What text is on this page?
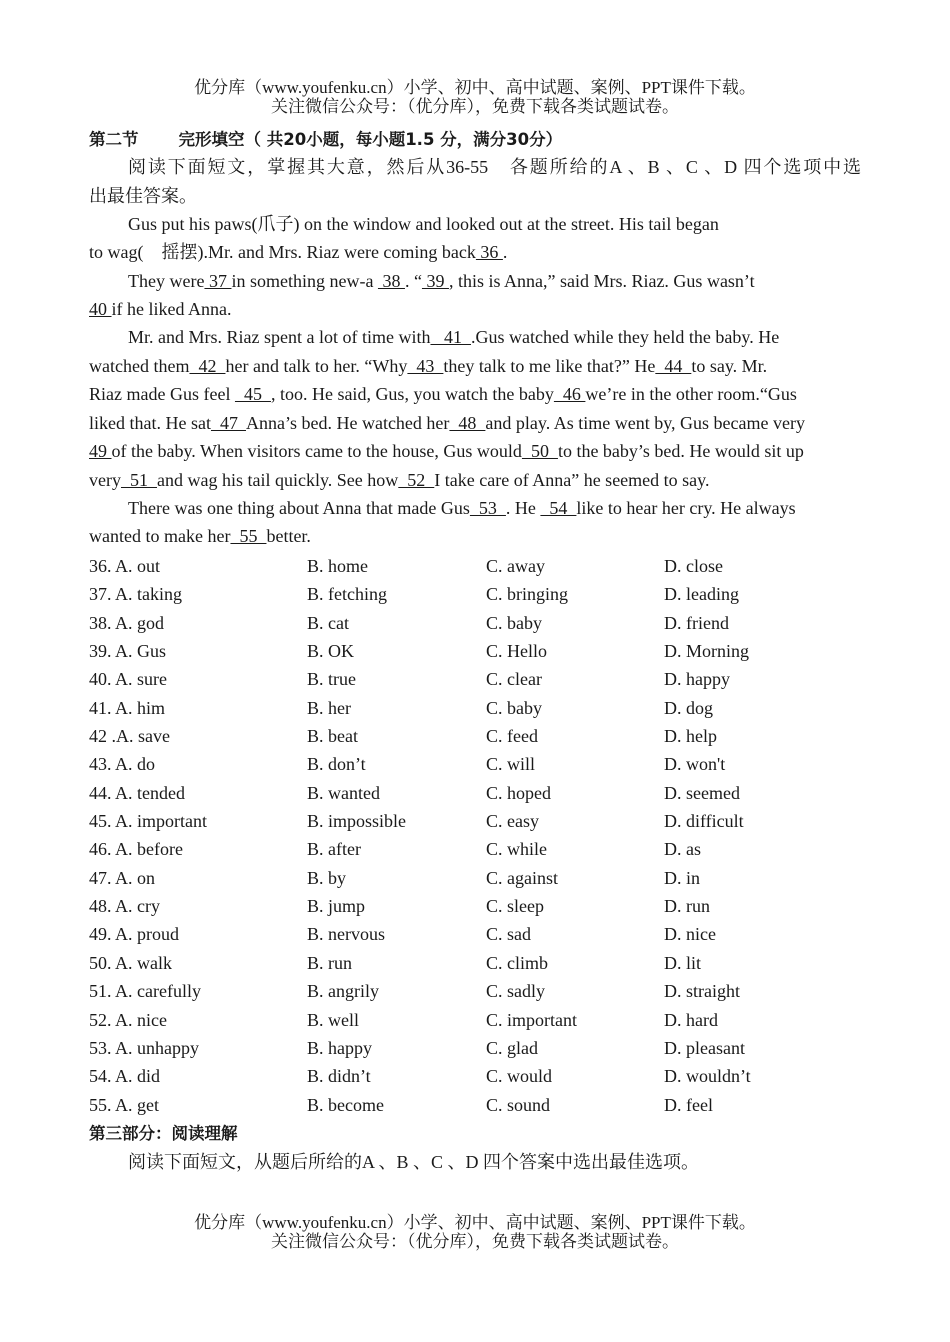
优分库（www.youfenku.cn）小学、初中、高中试题、案例、PPT课件下载。
关注微信公众号：（优分库），免费下载各类试题试卷。
第二节 完形填空（ 共20小题，每小题1.5 分，满分30分）
阅读下面短文，掌握其大意，然后从36-55　各题所给的A 、B 、C 、D 四个选项中选
出最佳答案。
Gus put his paws(爪子) on the window and looked out at the street. His tail began
to wag(　摇摆).Mr. and Mrs. Riaz were coming back 36 .
They were 37 in something new-a  38 . “ 39 , this is Anna,” said Mrs. Riaz. Gus wasn’t
40 if he liked Anna.
Mr. and Mrs. Riaz spent a lot of time with   41  .Gus watched while they held the baby. He
watched them  42  her and talk to her. “Why  43  they talk to me like that?” He  44  to say. Mr.
Riaz made Gus feel   45  , too. He said, Gus, you watch the baby  46 we’re in the other room.“Gus
liked that. He sat  47  Anna’s bed. He watched her  48  and play. As time went by, Gus became very
49 of the baby. When visitors came to the house, Gus would  50  to the baby’s bed. He would sit up
very  51  and wag his tail quickly. See how  52  I take care of Anna” he seemed to say.
There was one thing about Anna that made Gus  53  . He   54  like to hear her cry. He always
wanted to make her  55  better.
36. A. out	B. home	C. away	D. close
37. A. taking	B. fetching	C. bringing	D. leading
38. A. god	B. cat	C. baby	D. friend
39. A. Gus	B. OK	C. Hello	D. Morning
40. A. sure	B. true	C. clear	D. happy
41. A. him	B. her	C. baby	D. dog
42 .A. save	B. beat	C. feed	D. help
43. A. do	B. don’t	C. will	D. won't
44. A. tended	B. wanted	C. hoped	D. seemed
45. A. important	B. impossible	C. easy	D. difficult
46. A. before	B. after	C. while	D. as
47. A. on	B. by	C. against	D. in
48. A. cry	B. jump	C. sleep	D. run
49. A. proud	B. nervous	C. sad	D. nice
50. A. walk	B. run	C. climb	D. lit
51. A. carefully	B. angrily	C. sadly	D. straight
52. A. nice	B. well	C. important	D. hard
53. A. unhappy	B. happy	C. glad	D. pleasant
54. A. did	B. didn’t	C. would	D. wouldn’t
55. A. get	B. become	C. sound	D. feel
第三部分：阅读理解
阅读下面短文，从题后所给的A 、B 、C 、D 四个答案中选出最佳选项。
优分库（www.youfenku.cn）小学、初中、高中试题、案例、PPT课件下载。
关注微信公众号：（优分库），免费下载各类试题试卷。
